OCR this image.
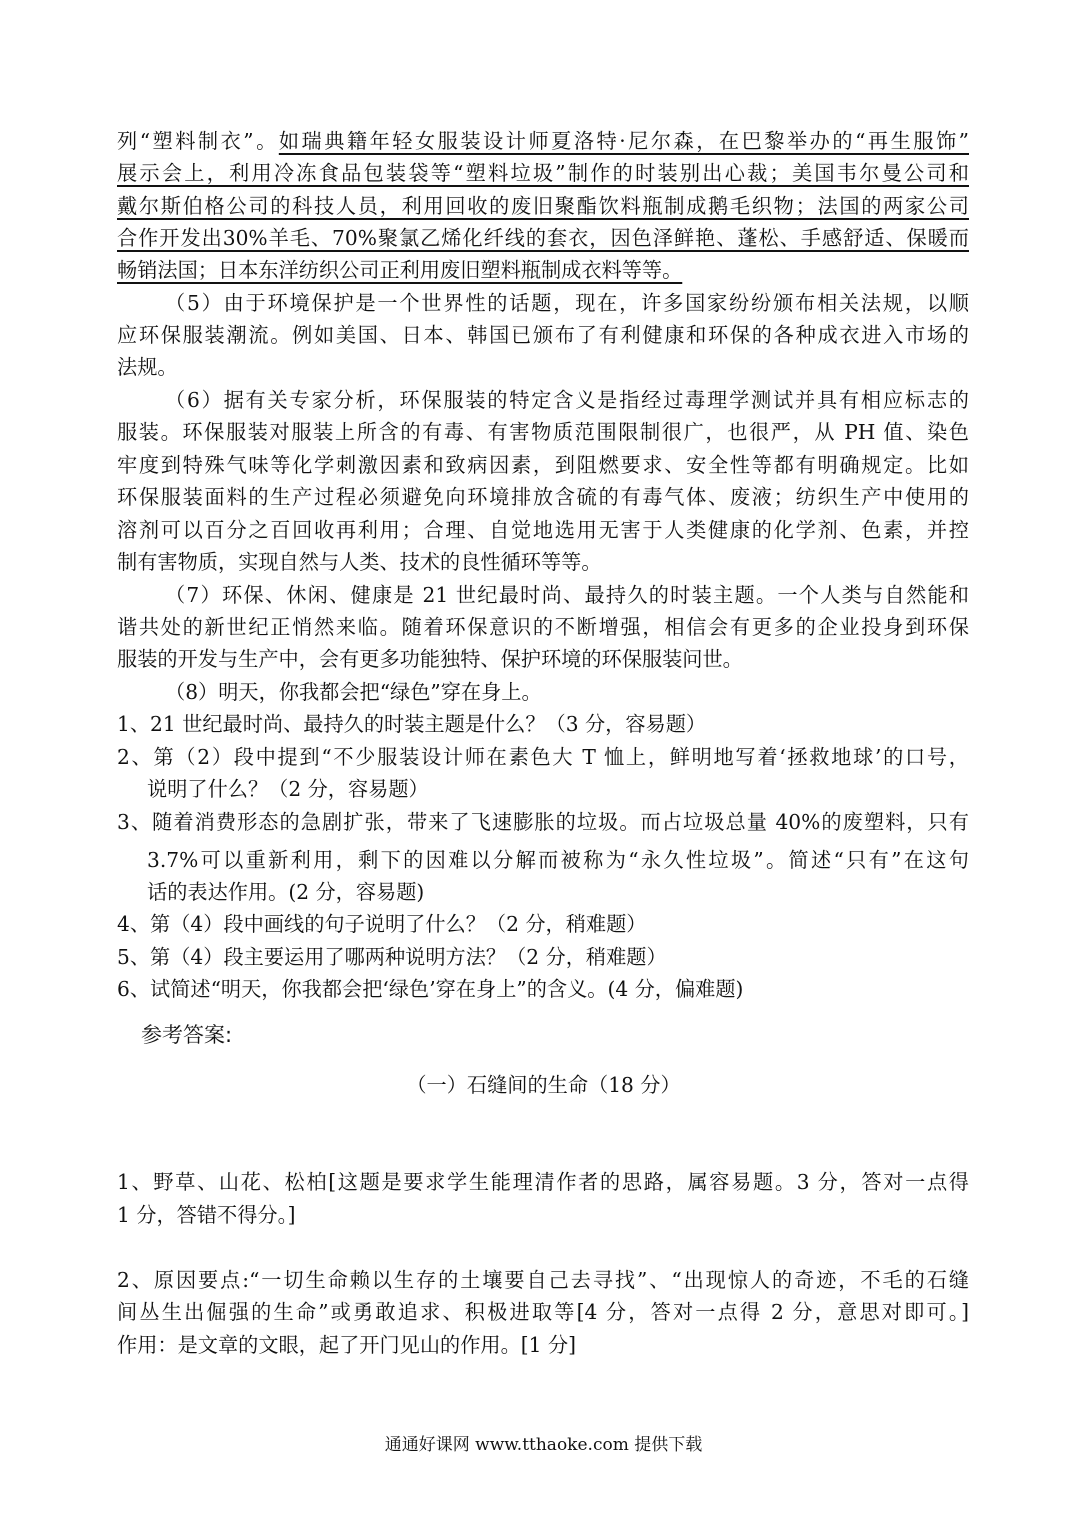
列“塑料制衣”。如瑞典籍年轻女服装设计师夏洛特·尼尔森，在巴黎举办的“再生服饰”
展示会上，利用冷冻食品包装袋等“塑料垃圾”制作的时装别出心裁；美国韦尔曼公司和
戴尔斯伯格公司的科技人员，利用回收的废旧聚酯饮料瓶制成鹅毛织物；法国的两家公司
合作开发出30%羊毛、70%聚氯乙烯化纤线的套衣，因色泽鲜艳、蓬松、手感舒适、保暖而
畅销法国；日本东洋纺织公司正利用废旧塑料瓶制成衣料等等。
（5）由于环境保护是一个世界性的话题，现在，许多国家纷纷颁布相关法规，以顺
应环保服装潮流。例如美国、日本、韩国已颁布了有利健康和环保的各种成衣进入市场的
法规。
（6）据有关专家分析，环保服装的特定含义是指经过毒理学测试并具有相应标志的
服装。环保服装对服装上所含的有毒、有害物质范围限制很广，也很严，从 PH 值、染色
牢度到特殊气味等化学刺激因素和致病因素，到阻燃要求、安全性等都有明确规定。比如
环保服装面料的生产过程必须避免向环境排放含硫的有毒气体、废液；纺织生产中使用的
溶剂可以百分之百回收再利用；合理、自觉地选用无害于人类健康的化学剂、色素，并控
制有害物质，实现自然与人类、技术的良性循环等等。
（7）环保、休闲、健康是 21 世纪最时尚、最持久的时装主题。一个人类与自然能和
谐共处的新世纪正悄然来临。随着环保意识的不断增强，相信会有更多的企业投身到环保
服装的开发与生产中，会有更多功能独特、保护环境的环保服装问世。
（8）明天，你我都会把“绿色”穿在身上。
1、21 世纪最时尚、最持久的时装主题是什么？（3 分，容易题）
2、第（2）段中提到“不少服装设计师在素色大 T 恤上，鲜明地写着‘拯救地球’的口号，
说明了什么？（2 分，容易题）
3、随着消费形态的急剧扩张，带来了飞速膨胀的垃圾。而占垃圾总量 40%的废塑料，只有
3.7%可以重新利用，剩下的因难以分解而被称为“永久性垃圾”。简述“只有”在这句
话的表达作用。(2 分，容易题)
4、第（4）段中画线的句子说明了什么？（2 分，稍难题）
5、第（4）段主要运用了哪两种说明方法？（2 分，稍难题）
6、试简述“明天，你我都会把‘绿色’穿在身上”的含义。(4 分，偏难题)
参考答案:
（一）石缝间的生命（18 分）
1、野草、山花、松柏[这题是要求学生能理清作者的思路，属容易题。3 分，答对一点得
1 分，答错不得分。]
2、原因要点:“一切生命赖以生存的土壤要自己去寻找”、“出现惊人的奇迹，不毛的石缝
间丛生出倔强的生命”或勇敢追求、积极进取等[4 分，答对一点得 2 分，意思对即可。]
作用：是文章的文眼，起了开门见山的作用。[1 分]
通通好课网 www.tthaoke.com 提供下载
